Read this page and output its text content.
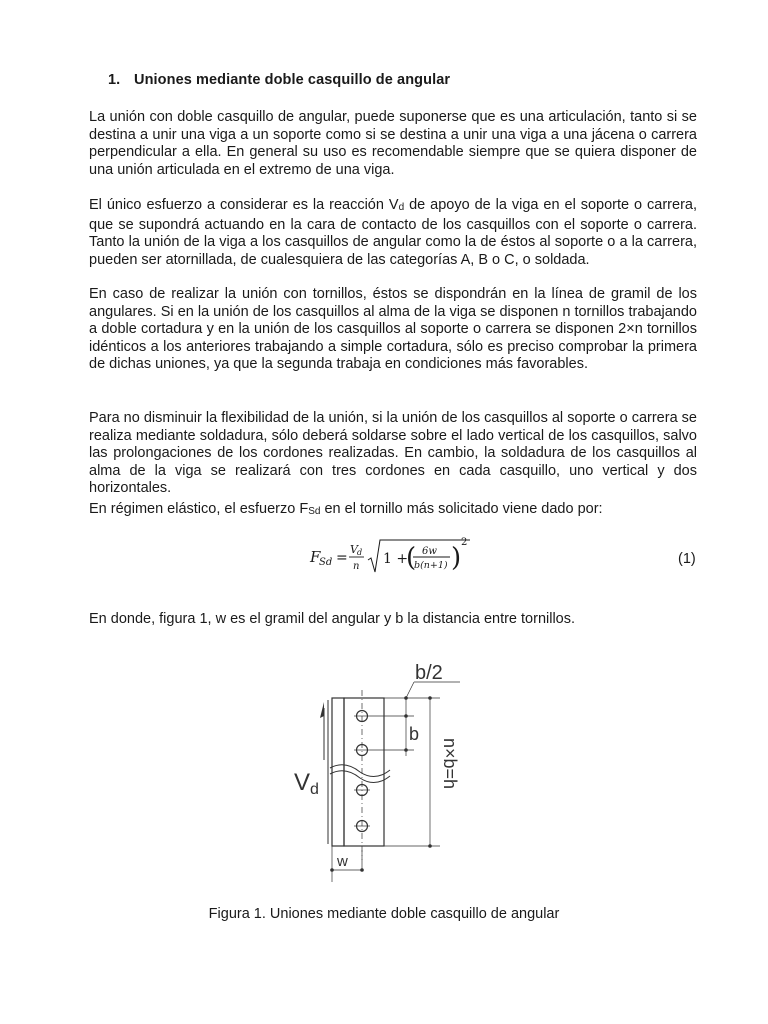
1. Uniones mediante doble casquillo de angular

La unión con doble casquillo de angular, puede suponerse que es una articulación, tanto si se destina a unir una viga a un soporte como si se destina a unir una viga a una jácena o carrera perpendicular a ella. En general su uso es recomendable siempre que se quiera disponer de una unión articulada en el extremo de una viga.

El único esfuerzo a considerar es la reacción Vd de apoyo de la viga en el soporte o carrera, que se supondrá actuando en la cara de contacto de los casquillos con el soporte o carrera. Tanto la unión de la viga a los casquillos de angular como la de éstos al soporte o a la carrera, pueden ser atornillada, de cualesquiera de las categorías A, B o C, o soldada.

En caso de realizar la unión con tornillos, éstos se dispondrán en la línea de gramil de los angulares. Si en la unión de los casquillos al alma de la viga se disponen n tornillos trabajando a doble cortadura y en la unión de los casquillos al soporte o carrera se disponen 2×n tornillos idénticos a los anteriores trabajando a simple cortadura, sólo es preciso comprobar la primera de dichas uniones, ya que la segunda trabaja en condiciones más favorables.

Para no disminuir la flexibilidad de la unión, si la unión de los casquillos al soporte o carrera se realiza mediante soldadura, sólo deberá soldarse sobre el lado vertical de los casquillos, salvo las prolongaciones de los cordones realizadas. En cambio, la soldadura de los casquillos al alma de la viga se realizará con tres cordones en cada casquillo, uno vertical y dos horizontales.

En régimen elástico, el esfuerzo FSd en el tornillo más solicitado viene dado por:

F
Sd =
V d
n 1 +
( 6w
b(n+1) )
2
(1)

En donde, figura 1, w es el gramil del angular y b la distancia entre tornillos.

b/2
b
n×b=h
V d
w
Figura 1. Uniones mediante doble casquillo de angular
